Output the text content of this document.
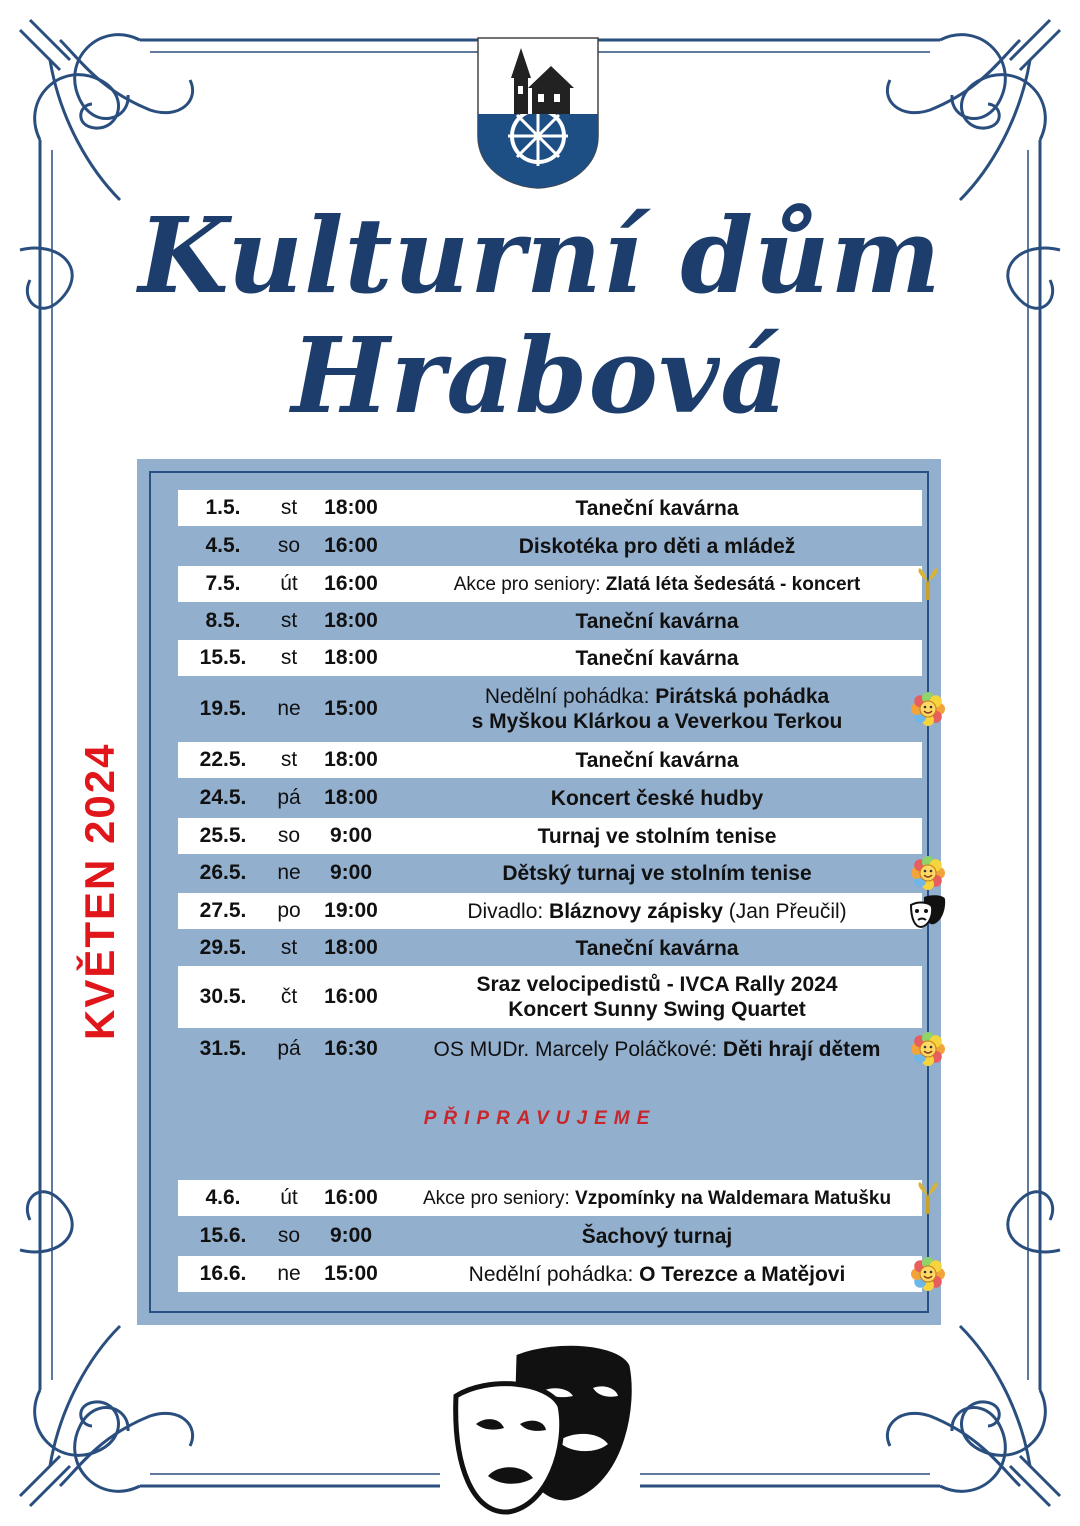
Kulturní dům
Hrabová
KVĚTEN 2024
1.5.	st	18:00	Taneční kavárna
4.5.	so	16:00	Diskotéka pro děti a mládež
7.5.	út	16:00	Akce pro seniory: Zlatá léta šedesátá - koncert
8.5.	st	18:00	Taneční kavárna
15.5.	st	18:00	Taneční kavárna
19.5.	ne	15:00
Nedělní pohádka: Pirátská pohádka
s Myškou Klárkou a Veverkou Terkou
22.5.	st	18:00	Taneční kavárna
24.5.	pá	18:00	Koncert české hudby
25.5.	so	9:00	Turnaj ve stolním tenise
26.5.	ne	9:00	Dětský turnaj ve stolním tenise
27.5.	po	19:00	Divadlo: Bláznovy zápisky (Jan Přeučil)
29.5.	st	18:00	Taneční kavárna
30.5.	čt	16:00
Sraz velocipedistů - IVCA Rally 2024
Koncert Sunny Swing Quartet
31.5.	pá	16:30	OS MUDr. Marcely Poláčkové: Děti hrají dětem
4.6.	út	16:00	Akce pro seniory: Vzpomínky na Waldemara Matušku
15.6.	so	9:00	Šachový turnaj
16.6.	ne	15:00	Nedělní pohádka: O Terezce a Matějovi
PŘIPRAVUJEME
